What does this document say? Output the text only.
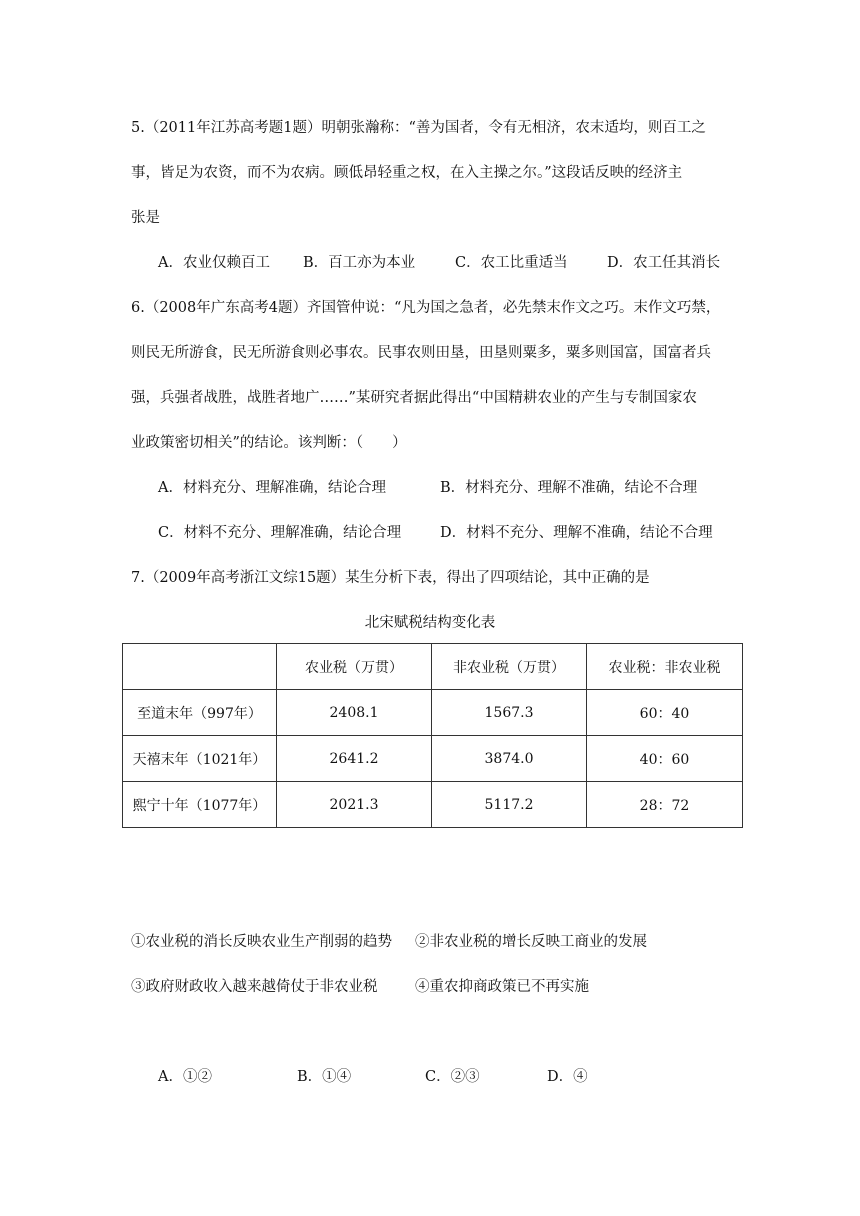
5.（2011年江苏高考题1题）明朝张瀚称：“善为国者，令有无相济，农末适均，则百工之
事，皆足为农资，而不为农病。顾低昂轻重之权，在入主操之尔。”这段话反映的经济主
张是
A．农业仅赖百工 B．百工亦为本业	C．农工比重适当	D．农工任其消长
6.（2008年广东高考4题）齐国管仲说：“凡为国之急者，必先禁末作文之巧。末作文巧禁，
则民无所游食，民无所游食则必事农。民事农则田垦，田垦则粟多，粟多则国富，国富者兵
强，兵强者战胜，战胜者地广……”某研究者据此得出“中国精耕农业的产生与专制国家农
业政策密切相关”的结论。该判断：（　　）
A．材料充分、理解准确，结论合理	B．材料充分、理解不准确，结论不合理
C．材料不充分、理解准确，结论合理	D．材料不充分、理解不准确，结论不合理
7.（2009年高考浙江文综15题）某生分析下表，得出了四项结论，其中正确的是
北宋赋税结构变化表
	农业税（万贯）	非农业税（万贯）	农业税：非农业税
至道末年（997年）	2408.1	1567.3	60：40
天禧末年（1021年）	2641.2	3874.0	40：60
熙宁十年（1077年）	2021.3	5117.2	28：72
①农业税的消长反映农业生产削弱的趋势 ②非农业税的增长反映工商业的发展
③政府财政收入越来越倚仗于非农业税	④重农抑商政策已不再实施
A．①②	B．①④	C．②③	D．④
